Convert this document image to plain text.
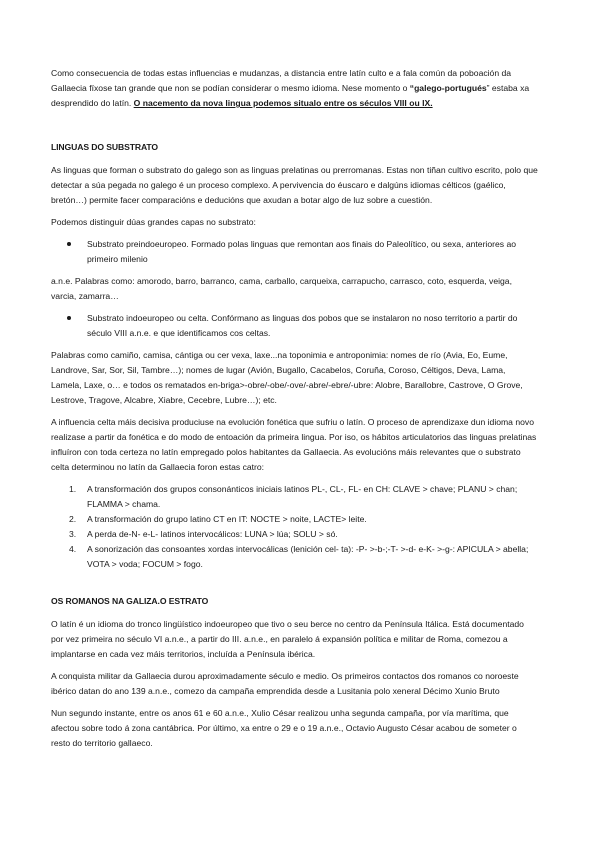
Como consecuencia de todas estas influencias e mudanzas, a distancia entre latín culto e a fala común da poboación da Gallaecia fíxose tan grande que non se podían considerar o mesmo idioma. Nese momento o “galego-portugués” estaba xa desprendido do latín. O nacemento da nova lingua podemos situalo entre os séculos VIII ou IX.

LINGUAS DO SUBSTRATO

As linguas que forman o substrato do galego son as linguas prelatinas ou prerromanas. Estas non tiñan cultivo escrito, polo que detectar a súa pegada no galego é un proceso complexo. A pervivencia do éuscaro e dalgúns idiomas célticos (gaélico, bretón…) permite facer comparacións e deducións que axudan a botar algo de luz sobre a cuestión.

Podemos distinguir dúas grandes capas no substrato:

Substrato preindoeuropeo. Formado polas linguas que remontan aos finais do Paleolítico, ou sexa, anteriores ao primeiro milenio

a.n.e. Palabras como: amorodo, barro, barranco, cama, carballo, carqueixa, carrapucho, carrasco, coto, esquerda, veiga, varcia, zamarra…

Substrato indoeuropeo ou celta. Confórmano as linguas dos pobos que se instalaron no noso territorio a partir do século VIII a.n.e. e que identificamos cos celtas.

Palabras como camiño, camisa, cántiga ou cer vexa, laxe...na toponimia e antroponimia: nomes de río (Avia, Eo, Eume, Landrove, Sar, Sor, Sil, Tambre…); nomes de lugar (Avión, Bugallo, Cacabelos, Coruña, Coroso, Céltigos, Deva, Lama, Lamela, Laxe, o… e todos os rematados en-briga>-obre/-obe/-ove/-abre/-ebre/-ubre: Alobre, Barallobre, Castrove, O Grove, Lestrove, Tragove, Alcabre, Xiabre, Cecebre, Lubre…); etc.

A influencia celta máis decisiva produciuse na evolución fonética que sufriu o latín. O proceso de aprendizaxe dun idioma novo realizase a partir da fonética e do modo de entoación da primeira lingua. Por iso, os hábitos articulatorios das linguas prelatinas influíron con toda certeza no latín empregado polos habitantes da Gallaecia. As evolucións máis relevantes que o substrato celta determinou no latín da Gallaecia foron estas catro:

1. A transformación dos grupos consonánticos iniciais latinos PL-, CL-, FL- en CH: CLAVE > chave; PLANU > chan; FLAMMA > chama.
2. A transformación do grupo latino CT en IT: NOCTE > noite, LACTE> leite.
3. A perda de-N- e-L- latinos intervocálicos: LUNA > lúa; SOLU > só.
4. A sonorización das consoantes xordas intervocálicas (lenición cel- ta): -P- >-b-;-T- >-d- e-K- >-g-: APICULA > abella; VOTA > voda; FOCUM > fogo.
OS ROMANOS NA GALIZA.O ESTRATO

O latín é un idioma do tronco lingüístico indoeuropeo que tivo o seu berce no centro da Península Itálica. Está documentado por vez primeira no século VI a.n.e., a partir do III. a.n.e., en paralelo á expansión política e militar de Roma, comezou a implantarse en cada vez máis territorios, incluída a Península ibérica.

A conquista militar da Gallaecia durou aproximadamente século e medio. Os primeiros contactos dos romanos co noroeste ibérico datan do ano 139 a.n.e., comezo da campaña emprendida desde a Lusitania polo xeneral Décimo Xunio Bruto

Nun segundo instante, entre os anos 61 e 60 a.n.e., Xulio César realizou unha segunda campaña, por vía marítima, que afectou sobre todo á zona cantábrica. Por último, xa entre o 29 e o 19 a.n.e., Octavio Augusto César acabou de someter o resto do territorio gallaeco.
